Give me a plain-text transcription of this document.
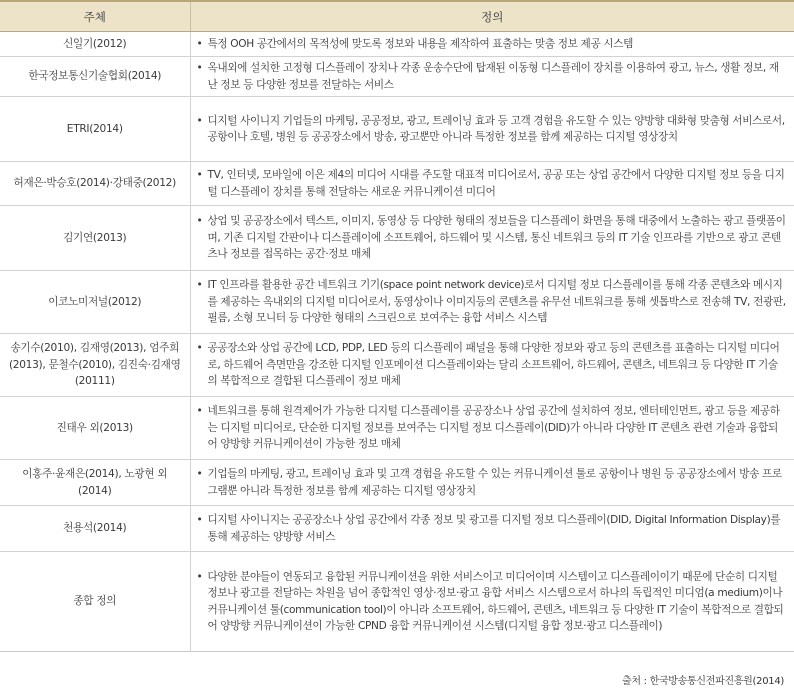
주체	정의
신일기(2012)	• 특정 OOH 공간에서의 목적성에 맞도록 정보와 내용을 제작하여 표출하는 맞춤 정보 제공 시스템

한국정보통신기술협회(2014)	• 옥내외에 설치한 고정형 디스플레이 장치나 각종 운송수단에 탑재된 이동형 디스플레이 장치를 이용하여 광고, 뉴스, 생활 정보, 재난 정보 등 다양한 정보를 전달하는 서비스

ETRI(2014)	• 디지털 사이니지 기업들의 마케팅, 공공정보, 광고, 트레이닝 효과 등 고객 경험을 유도할 수 있는 양방향 대화형 맞춤형 서비스로서, 공항이나 호텔, 병원 등 공공장소에서 방송, 광고뿐만 아니라 특정한 정보를 함께 제공하는 디지털 영상장치

허재은·박승호(2014)·강태중(2012)	• TV, 인터넷, 모바일에 이은 제4의 미디어 시대를 주도할 대표적 미디어로서, 공공 또는 상업 공간에서 다양한 디지털 정보 등을 디지털 디스플레이 장치를 통해 전달하는 새로운 커뮤니케이션 미디어

김기연(2013)	• 상업 및 공공장소에서 텍스트, 이미지, 동영상 등 다양한 형태의 정보들을 디스플레이 화면을 통해 대중에서 노출하는 광고 플랫폼이며, 기존 디지털 간판이나 디스플레이에 소프트웨어, 하드웨어 및 시스템, 통신 네트워크 등의 IT 기술 인프라를 기반으로 광고 콘텐츠나 정보를 접목하는 공간·정보 매체

이코노미저널(2012)	• IT 인프라를 활용한 공간 네트워크 기기(space point network device)로서 디지털 정보 디스플레이를 통해 각종 콘텐츠와 메시지를 제공하는 옥내외의 디지털 미디어로서, 동영상이나 이미지등의 콘텐츠를 유무선 네트워크를 통해 셋톱박스로 전송해 TV, 전광판, 필름, 소형 모니터 등 다양한 형태의 스크린으로 보여주는 융합 서비스 시스템

송기수(2010), 김재영(2013), 엄주희(2013), 문철수(2010), 김진숙·김재영(20111)	• 공공장소와 상업 공간에 LCD, PDP, LED 등의 디스플레이 패널을 통해 다양한 정보와 광고 등의 콘텐츠를 표출하는 디지털 미디어로, 하드웨어 측면만을 강조한 디지털 인포메이션 디스플레이와는 달리 소프트웨어, 하드웨어, 콘텐츠, 네트워크 등 다양한 IT 기술의 복합적으로 결합된 디스플레이 정보 매체

진태우 외(2013)	• 네트워크를 통해 원격제어가 가능한 디지털 디스플레이를 공공장소나 상업 공간에 설치하여 정보, 엔터테인먼트, 광고 등을 제공하는 디지털 미디어로, 단순한 디지털 정보를 보여주는 디지털 정보 디스플레이(DID)가 아니라 다양한 IT 콘텐츠 관련 기술과 융합되어 양방향 커뮤니케이션이 가능한 정보 매체

이홍주·윤재은(2014), 노광현 외(2014)	• 기업들의 마케팅, 광고, 트레이닝 효과 및 고객 경험을 유도할 수 있는 커뮤니케이션 툴로 공항이나 병원 등 공공장소에서 방송 프로그램뿐 아니라 특정한 정보를 함께 제공하는 디지털 영상장치

천용석(2014)	• 디지털 사이니지는 공공장소나 상업 공간에서 각종 정보 및 광고를 디지털 정보 디스플레이(DID, Digital Information Display)를 통해 제공하는 양방향 서비스

종합 정의	• 다양한 분야들이 연동되고 융합된 커뮤니케이션을 위한 서비스이고 미디어이며 시스템이고 디스플레이이기 때문에 단순히 디지털 정보나 광고를 전달하는 차원을 넘어 종합적인 영상·정보·광고 융합 서비스 시스템으로서 하나의 독립적인 미디엄(a medium)이나 커뮤니케이션 툴(communication tool)이 아니라 소프트웨어, 하드웨어, 콘텐츠, 네트워크 등 다양한 IT 기술이 복합적으로 결합되어 양방향 커뮤니케이션이 가능한 CPND 융합 커뮤니케이션 시스템(디지털 융합 정보·광고 디스플레이)
출처 : 한국방송통신전파진흥원(2014)
